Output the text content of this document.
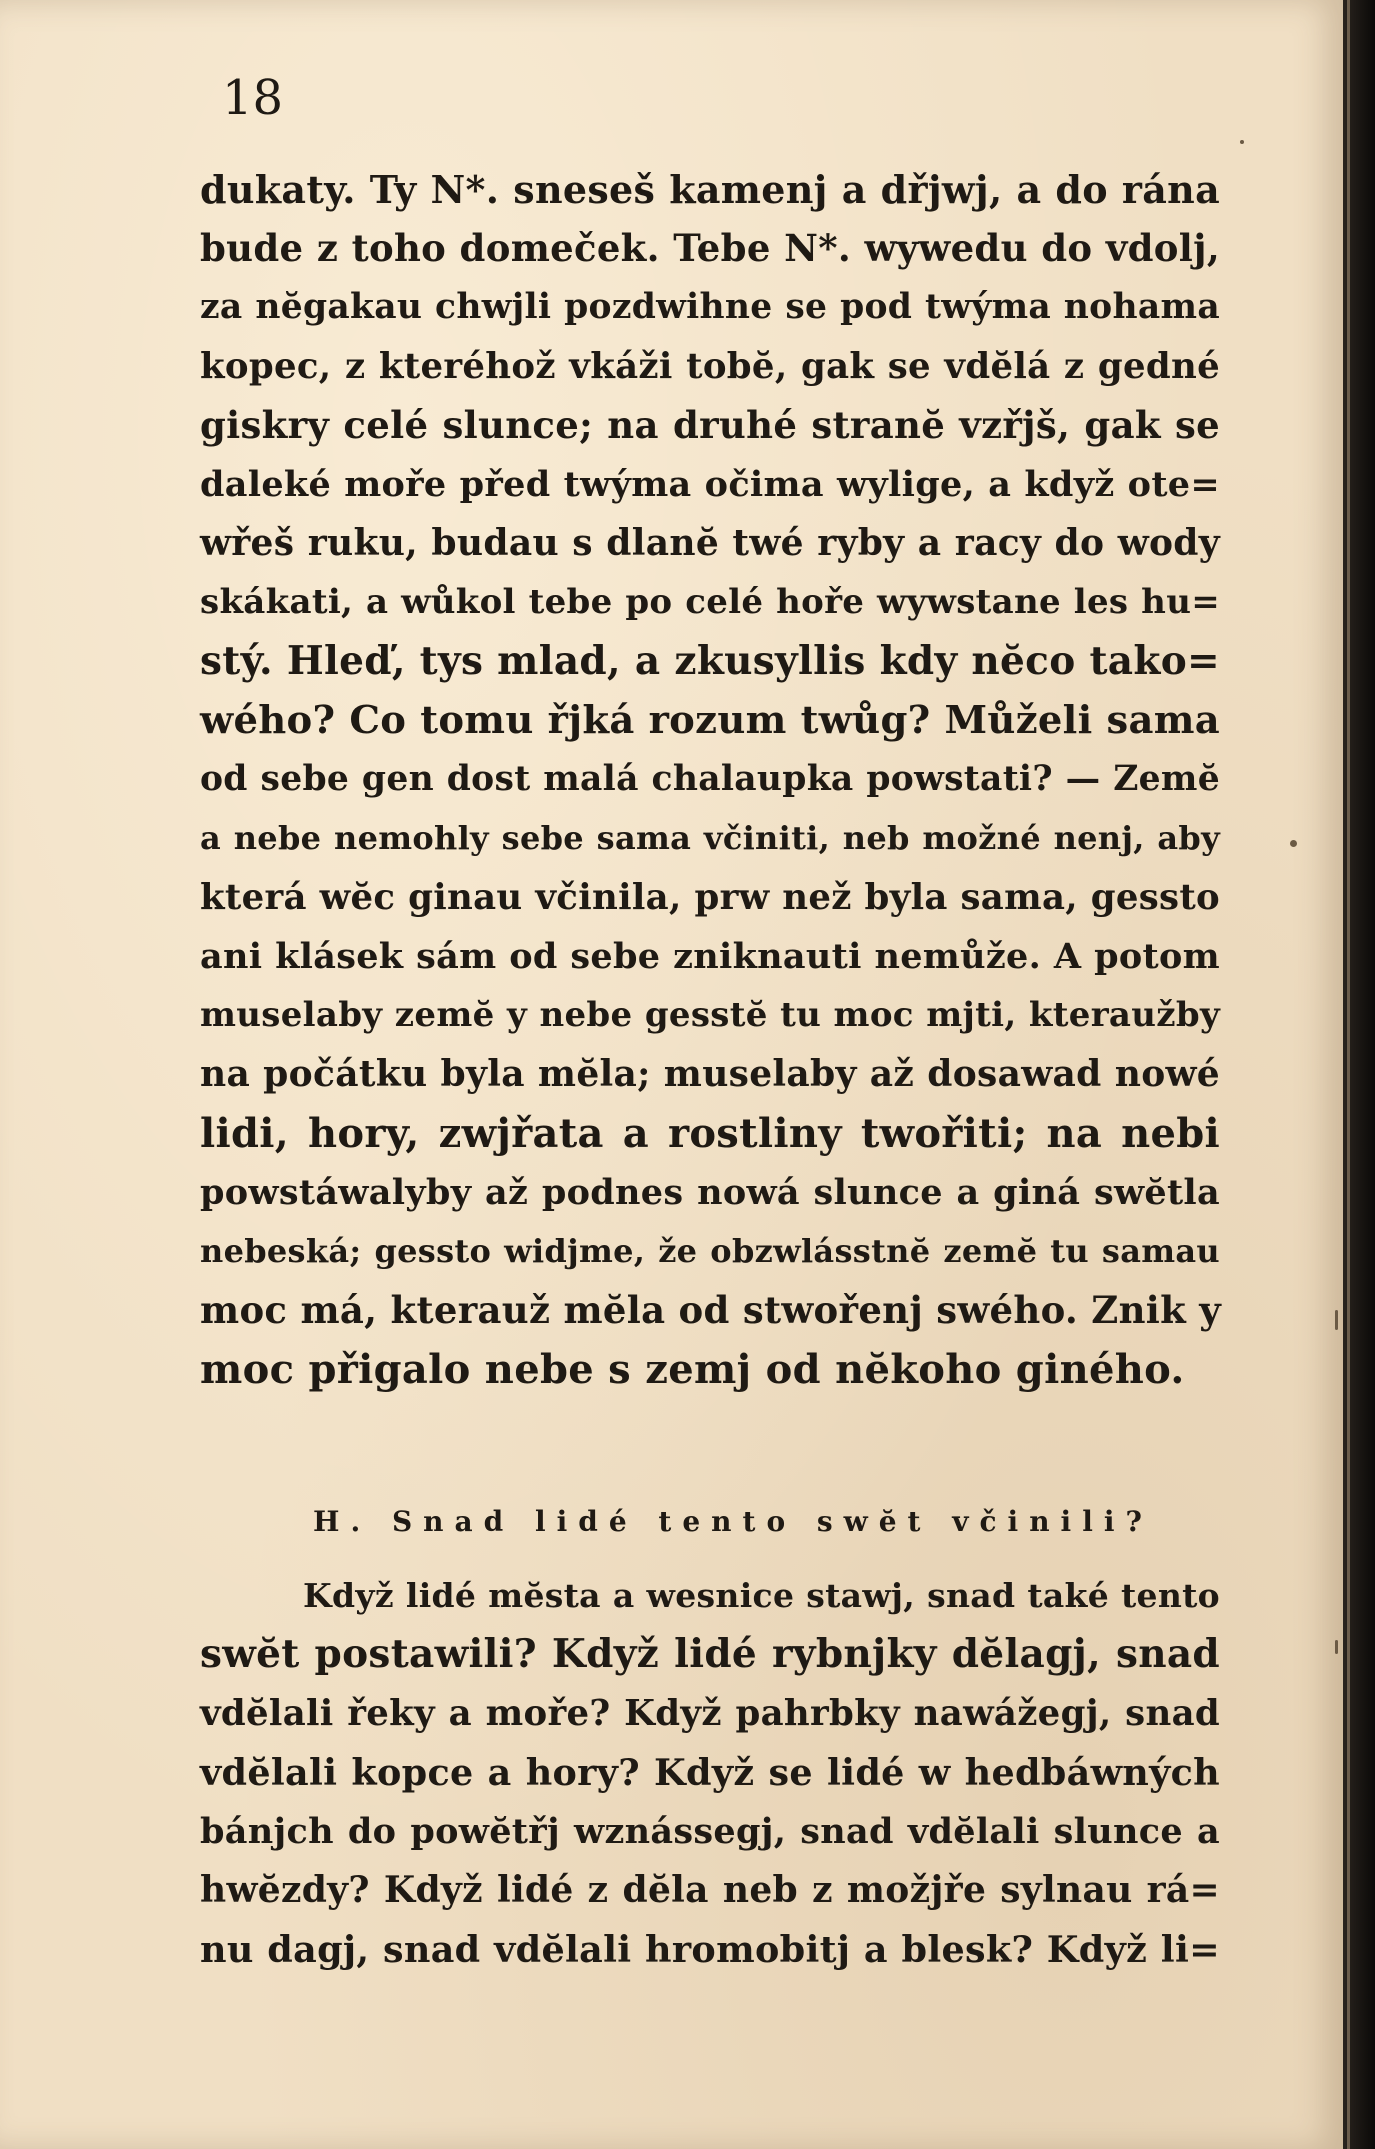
18
dukaty. Ty N*. sneseš kamenj a dřjwj, a do rána
bude z toho domeček. Tebe N*. wywedu do vdolj,
za nĕgakau chwjli pozdwihne se pod twýma nohama
kopec, z kteréhož vkáži tobĕ, gak se vdĕlá z gedné
giskry celé slunce; na druhé stranĕ vzřjš, gak se
daleké moře před twýma očima wylige, a když ote=
wřeš ruku, budau s dlanĕ twé ryby a racy do wody
skákati, a wůkol tebe po celé hoře wywstane les hu=
stý. Hleď, tys mlad, a zkusyllis kdy nĕco tako=
wého? Co tomu řjká rozum twůg? Můželi sama
od sebe gen dost malá chalaupka powstati? — Zemĕ
a nebe nemohly sebe sama včiniti, neb možné nenj, aby
která wĕc ginau včinila, prw než byla sama, gessto
ani klásek sám od sebe zniknauti nemůže. A potom
muselaby zemĕ y nebe gesstĕ tu moc mjti, kteraužby
na počátku byla mĕla; muselaby až dosawad nowé
lidi, hory, zwjřata a rostliny twořiti; na nebi
powstáwalyby až podnes nowá slunce a giná swĕtla
nebeská; gessto widjme, že obzwlásstnĕ zemĕ tu samau
moc má, kterauž mĕla od stwořenj swého. Znik y
moc přigalo nebe s zemj od nĕkoho giného.
H. Snad lidé tento swĕt včinili?
Když lidé mĕsta a wesnice stawj, snad také tento
swĕt postawili? Když lidé rybnjky dĕlagj, snad
vdĕlali řeky a moře? Když pahrbky nawážegj, snad
vdĕlali kopce a hory? Když se lidé w hedbáwných
bánjch do powĕtřj wznássegj, snad vdĕlali slunce a
hwĕzdy? Když lidé z dĕla neb z možjře sylnau rá=
nu dagj, snad vdĕlali hromobitj a blesk? Když li=
